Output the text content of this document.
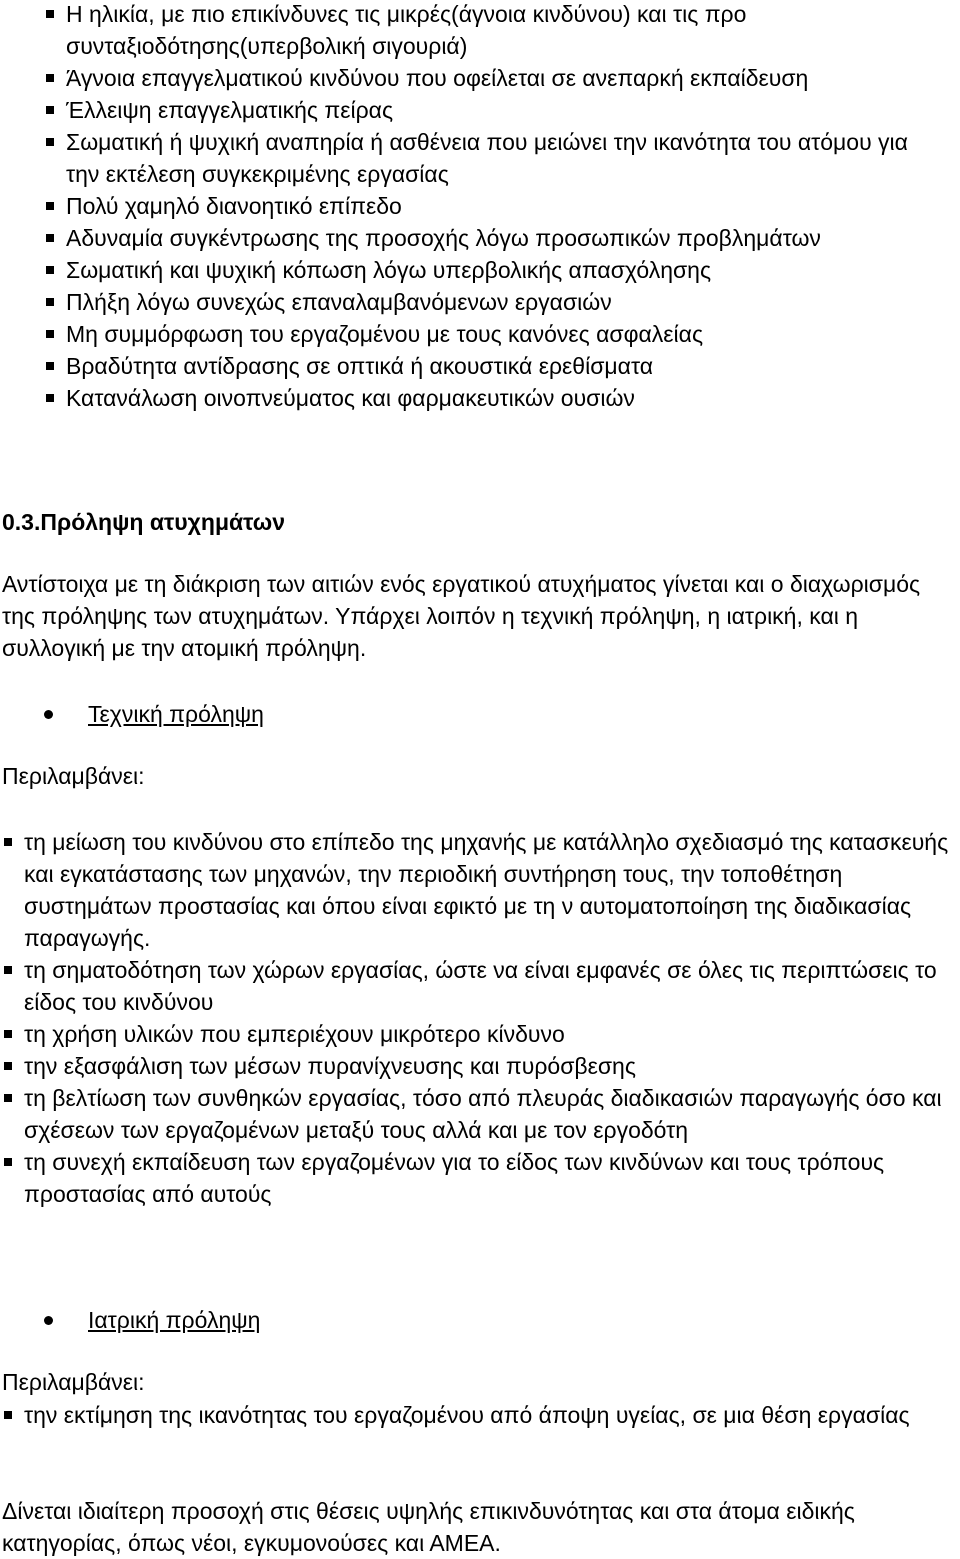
Η ηλικία, με πιο επικίνδυνες τις μικρές(άγνοια κινδύνου) και τις προ συνταξιοδότησης(υπερβολική σιγουριά)
Άγνοια επαγγελματικού κινδύνου που οφείλεται σε ανεπαρκή εκπαίδευση
Έλλειψη επαγγελματικής πείρας
Σωματική ή ψυχική αναπηρία ή ασθένεια που μειώνει την ικανότητα του ατόμου για την εκτέλεση συγκεκριμένης εργασίας
Πολύ χαμηλό διανοητικό επίπεδο
Αδυναμία συγκέντρωσης της προσοχής λόγω προσωπικών προβλημάτων
Σωματική και ψυχική κόπωση λόγω υπερβολικής απασχόλησης
Πλήξη λόγω συνεχώς επαναλαμβανόμενων εργασιών
Μη συμμόρφωση του εργαζομένου με τους κανόνες ασφαλείας
Βραδύτητα αντίδρασης σε οπτικά ή ακουστικά ερεθίσματα
Κατανάλωση οινοπνεύματος και φαρμακευτικών ουσιών
0.3.Πρόληψη ατυχημάτων

Αντίστοιχα με τη διάκριση των αιτιών ενός εργατικού ατυχήματος γίνεται και ο διαχωρισμός της πρόληψης των ατυχημάτων. Υπάρχει λοιπόν η τεχνική πρόληψη, η ιατρική, και η συλλογική με την ατομική πρόληψη.

Τεχνική πρόληψη

Περιλαμβάνει:

τη μείωση του κινδύνου στο επίπεδο της μηχανής με κατάλληλο σχεδιασμό της κατασκευής και εγκατάστασης των μηχανών, την περιοδική συντήρηση τους, την τοποθέτηση συστημάτων προστασίας και όπου είναι εφικτό με τη ν αυτοματοποίηση της διαδικασίας παραγωγής.
τη σηματοδότηση των χώρων εργασίας, ώστε να είναι εμφανές σε όλες τις περιπτώσεις το είδος του κινδύνου
τη χρήση υλικών που εμπεριέχουν μικρότερο κίνδυνο
την εξασφάλιση των μέσων πυρανίχνευσης και πυρόσβεσης
τη βελτίωση των συνθηκών εργασίας, τόσο από πλευράς διαδικασιών παραγωγής όσο και σχέσεων των εργαζομένων μεταξύ τους αλλά και με τον εργοδότη
τη συνεχή εκπαίδευση των εργαζομένων για το είδος των κινδύνων και τους τρόπους προστασίας από αυτούς
Ιατρική πρόληψη

Περιλαμβάνει:

την εκτίμηση της ικανότητας του εργαζομένου από άποψη υγείας, σε μια θέση εργασίας

Δίνεται ιδιαίτερη προσοχή στις θέσεις υψηλής επικινδυνότητας και στα άτομα ειδικής κατηγορίας, όπως νέοι, εγκυμονούσες και ΑΜΕΑ.
